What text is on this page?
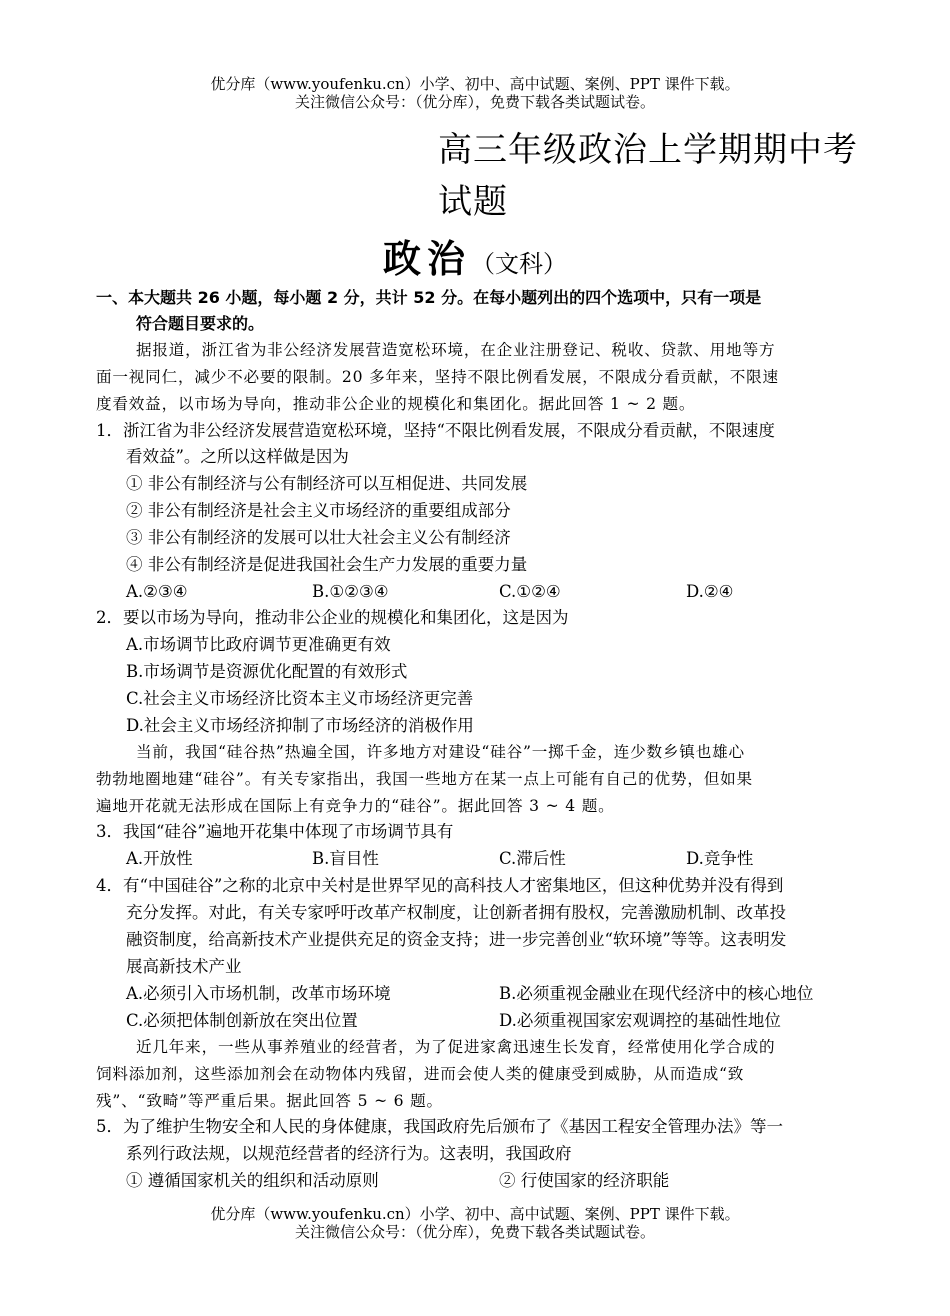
优分库（www.youfenku.cn）小学、初中、高中试题、案例、PPT 课件下载。
关注微信公众号：（优分库），免费下载各类试题试卷。
高三年级政治上学期期中考
试题
政治（文科）
一、本大题共 26 小题，每小题 2 分，共计 52 分。在每小题列出的四个选项中，只有一项是
符合题目要求的。
据报道，浙江省为非公经济发展营造宽松环境，在企业注册登记、税收、贷款、用地等方
面一视同仁，减少不必要的限制。20 多年来，坚持不限比例看发展，不限成分看贡献，不限速
度看效益，以市场为导向，推动非公企业的规模化和集团化。据此回答 1 ~ 2 题。
1．浙江省为非公经济发展营造宽松环境，坚持“不限比例看发展，不限成分看贡献，不限速度
看效益”。之所以这样做是因为
① 非公有制经济与公有制经济可以互相促进、共同发展
② 非公有制经济是社会主义市场经济的重要组成部分
③ 非公有制经济的发展可以壮大社会主义公有制经济
④ 非公有制经济是促进我国社会生产力发展的重要力量
A.②③④	B.①②③④	C.①②④	D.②④
2．要以市场为导向，推动非公企业的规模化和集团化，这是因为
A.市场调节比政府调节更准确更有效
B.市场调节是资源优化配置的有效形式
C.社会主义市场经济比资本主义市场经济更完善
D.社会主义市场经济抑制了市场经济的消极作用
当前，我国“硅谷热”热遍全国，许多地方对建设“硅谷”一掷千金，连少数乡镇也雄心
勃勃地圈地建“硅谷”。有关专家指出，我国一些地方在某一点上可能有自己的优势，但如果
遍地开花就无法形成在国际上有竞争力的“硅谷”。据此回答 3 ~ 4 题。
3．我国“硅谷”遍地开花集中体现了市场调节具有
A.开放性	B.盲目性	C.滞后性	D.竞争性
4．有“中国硅谷”之称的北京中关村是世界罕见的高科技人才密集地区，但这种优势并没有得到
充分发挥。对此，有关专家呼吁改革产权制度，让创新者拥有股权，完善激励机制、改革投
融资制度，给高新技术产业提供充足的资金支持；进一步完善创业“软环境”等等。这表明发
展高新技术产业
A.必须引入市场机制，改革市场环境	B.必须重视金融业在现代经济中的核心地位
C.必须把体制创新放在突出位置	D.必须重视国家宏观调控的基础性地位
近几年来，一些从事养殖业的经营者，为了促进家禽迅速生长发育，经常使用化学合成的
饲料添加剂，这些添加剂会在动物体内残留，进而会使人类的健康受到威胁，从而造成“致
残”、“致畸”等严重后果。据此回答 5 ~ 6 题。
5．为了维护生物安全和人民的身体健康，我国政府先后颁布了《基因工程安全管理办法》等一
系列行政法规，以规范经营者的经济行为。这表明，我国政府
① 遵循国家机关的组织和活动原则	② 行使国家的经济职能
优分库（www.youfenku.cn）小学、初中、高中试题、案例、PPT 课件下载。
关注微信公众号：（优分库），免费下载各类试题试卷。
